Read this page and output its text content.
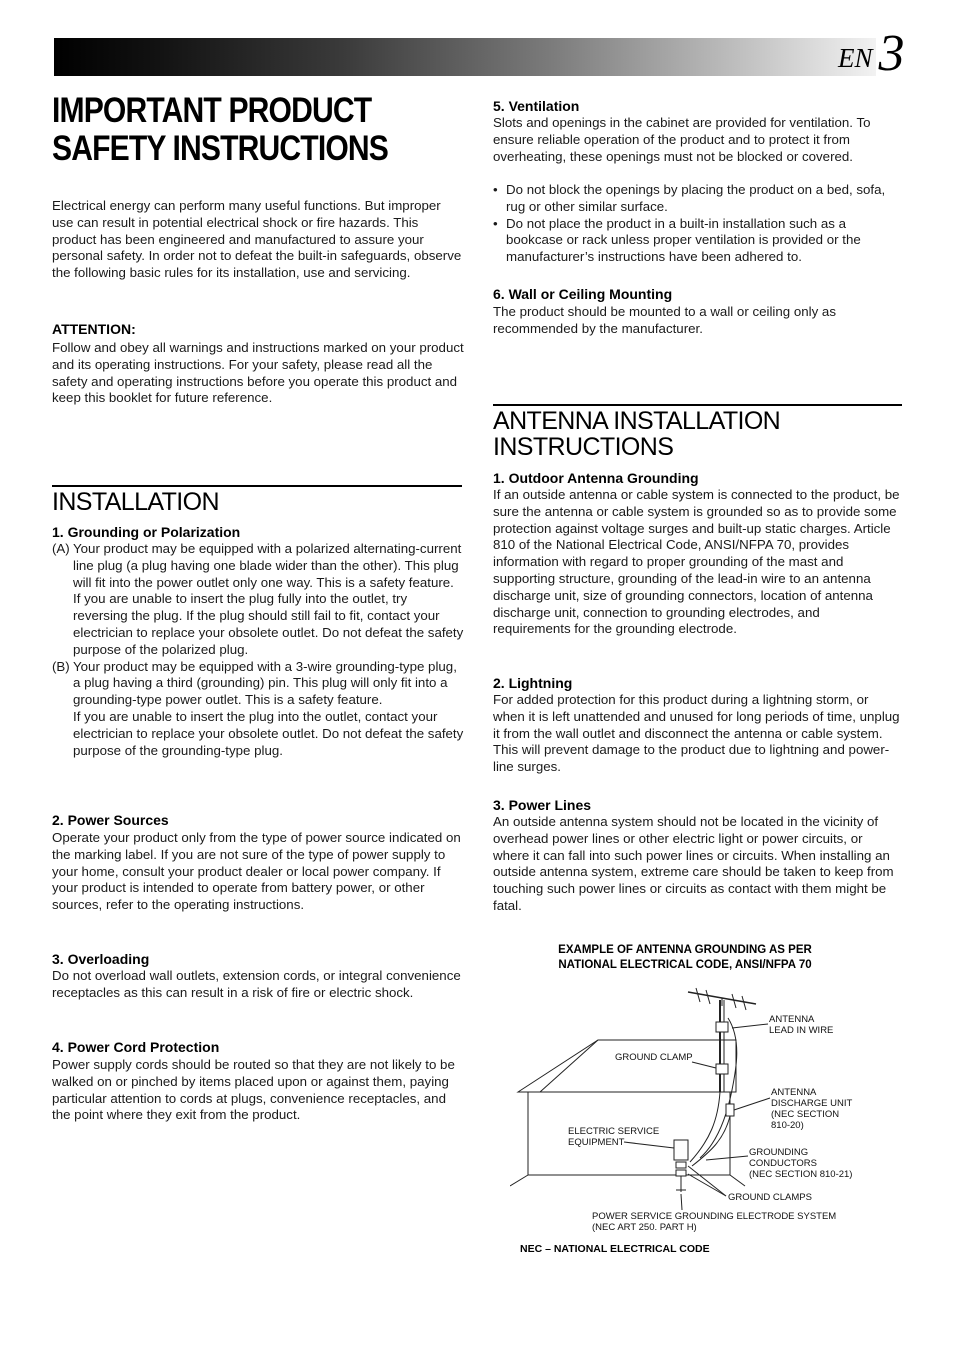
EN 3
IMPORTANT PRODUCT
SAFETY INSTRUCTIONS

Electrical energy can perform many useful functions. But improper use can result in potential electrical shock or fire hazards. This product has been engineered and manufactured to assure your personal safety. In order not to defeat the built-in safeguards, observe the following basic rules for its installation, use and servicing.

ATTENTION:

Follow and obey all warnings and instructions marked on your product and its operating instructions. For your safety, please read all the safety and operating instructions before you operate this product and keep this booklet for future reference.

INSTALLATION
1. Grounding or Polarization
(A) Your product may be equipped with a polarized alternating-current line plug (a plug having one blade wider than the other). This plug will fit into the power outlet only one way. This is a safety feature.
If you are unable to insert the plug fully into the outlet, try reversing the plug. If the plug should still fail to fit, contact your electrician to replace your obsolete outlet. Do not defeat the safety purpose of the polarized plug.
(B) Your product may be equipped with a 3-wire grounding-type plug, a plug having a third (grounding) pin. This plug will only fit into a grounding-type power outlet. This is a safety feature.
If you are unable to insert the plug into the outlet, contact your electrician to replace your obsolete outlet. Do not defeat the safety purpose of the grounding-type plug.
2. Power Sources

Operate your product only from the type of power source indicated on the marking label. If you are not sure of the type of power supply to your home, consult your product dealer or local power company. If your product is intended to operate from battery power, or other sources, refer to the operating instructions.

3. Overloading

Do not overload wall outlets, extension cords, or integral convenience receptacles as this can result in a risk of fire or electric shock.

4. Power Cord Protection

Power supply cords should be routed so that they are not likely to be walked on or pinched by items placed upon or against them, paying particular attention to cords at plugs, convenience receptacles, and the point where they exit from the product.

5. Ventilation

Slots and openings in the cabinet are provided for ventilation. To ensure reliable operation of the product and to protect it from overheating, these openings must not be blocked or covered.

• Do not block the openings by placing the product on a bed, sofa, rug or other similar surface.
• Do not place the product in a built-in installation such as a bookcase or rack unless proper ventilation is provided or the manufacturer’s instructions have been adhered to.
6. Wall or Ceiling Mounting

The product should be mounted to a wall or ceiling only as recommended by the manufacturer.

ANTENNA INSTALLATION
INSTRUCTIONS
1. Outdoor Antenna Grounding

If an outside antenna or cable system is connected to the product, be sure the antenna or cable system is grounded so as to provide some protection against voltage surges and built-up static charges. Article 810 of the National Electrical Code, ANSI/NFPA 70, provides information with regard to proper grounding of the mast and supporting structure, grounding of the lead-in wire to an antenna discharge unit, size of grounding connectors, location of antenna discharge unit, connection to grounding electrodes, and requirements for the grounding electrode.

2. Lightning

For added protection for this product during a lightning storm, or when it is left unattended and unused for long periods of time, unplug it from the wall outlet and disconnect the antenna or cable system. This will prevent damage to the product due to lightning and power-line surges.

3. Power Lines

An outside antenna system should not be located in the vicinity of overhead power lines or other electric light or power circuits, or where it can fall into such power lines or circuits. When installing an outside antenna system, extreme care should be taken to keep from touching such power lines or circuits as contact with them might be fatal.

EXAMPLE OF ANTENNA GROUNDING AS PER
NATIONAL ELECTRICAL CODE, ANSI/NFPA 70
ANTENNA
LEAD IN WIRE
GROUND CLAMP
ANTENNA
DISCHARGE UNIT
(NEC SECTION
810-20)
ELECTRIC SERVICE
EQUIPMENT
GROUNDING
CONDUCTORS
(NEC SECTION 810-21)
GROUND CLAMPS
POWER SERVICE GROUNDING ELECTRODE SYSTEM
(NEC ART 250. PART H)
NEC – NATIONAL ELECTRICAL CODE
